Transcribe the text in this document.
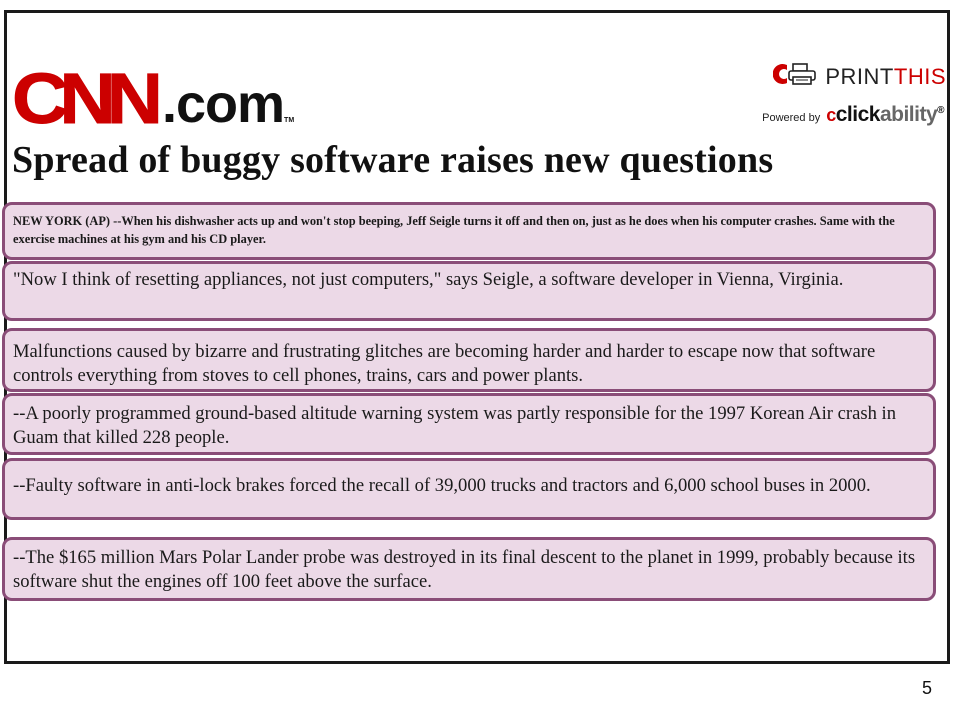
CNN .comTM
PRINTTHIS
Powered by cclickability®
Spread of buggy software raises new questions

NEW YORK (AP) --When his dishwasher acts up and won't stop beeping, Jeff Seigle turns it off and then on, just as he does when his computer crashes. Same with the exercise machines at his gym and his CD player.

"Now I think of resetting appliances, not just computers," says Seigle, a software developer in Vienna, Virginia.

Malfunctions caused by bizarre and frustrating glitches are becoming harder and harder to escape now that software controls everything from stoves to cell phones, trains, cars and power plants.

--A poorly programmed ground-based altitude warning system was partly responsible for the 1997 Korean Air crash in Guam that killed 228 people.

--Faulty software in anti-lock brakes forced the recall of 39,000 trucks and tractors and 6,000 school buses in 2000.

--The $165 million Mars Polar Lander probe was destroyed in its final descent to the planet in 1999, probably because its software shut the engines off 100 feet above the surface.

5
